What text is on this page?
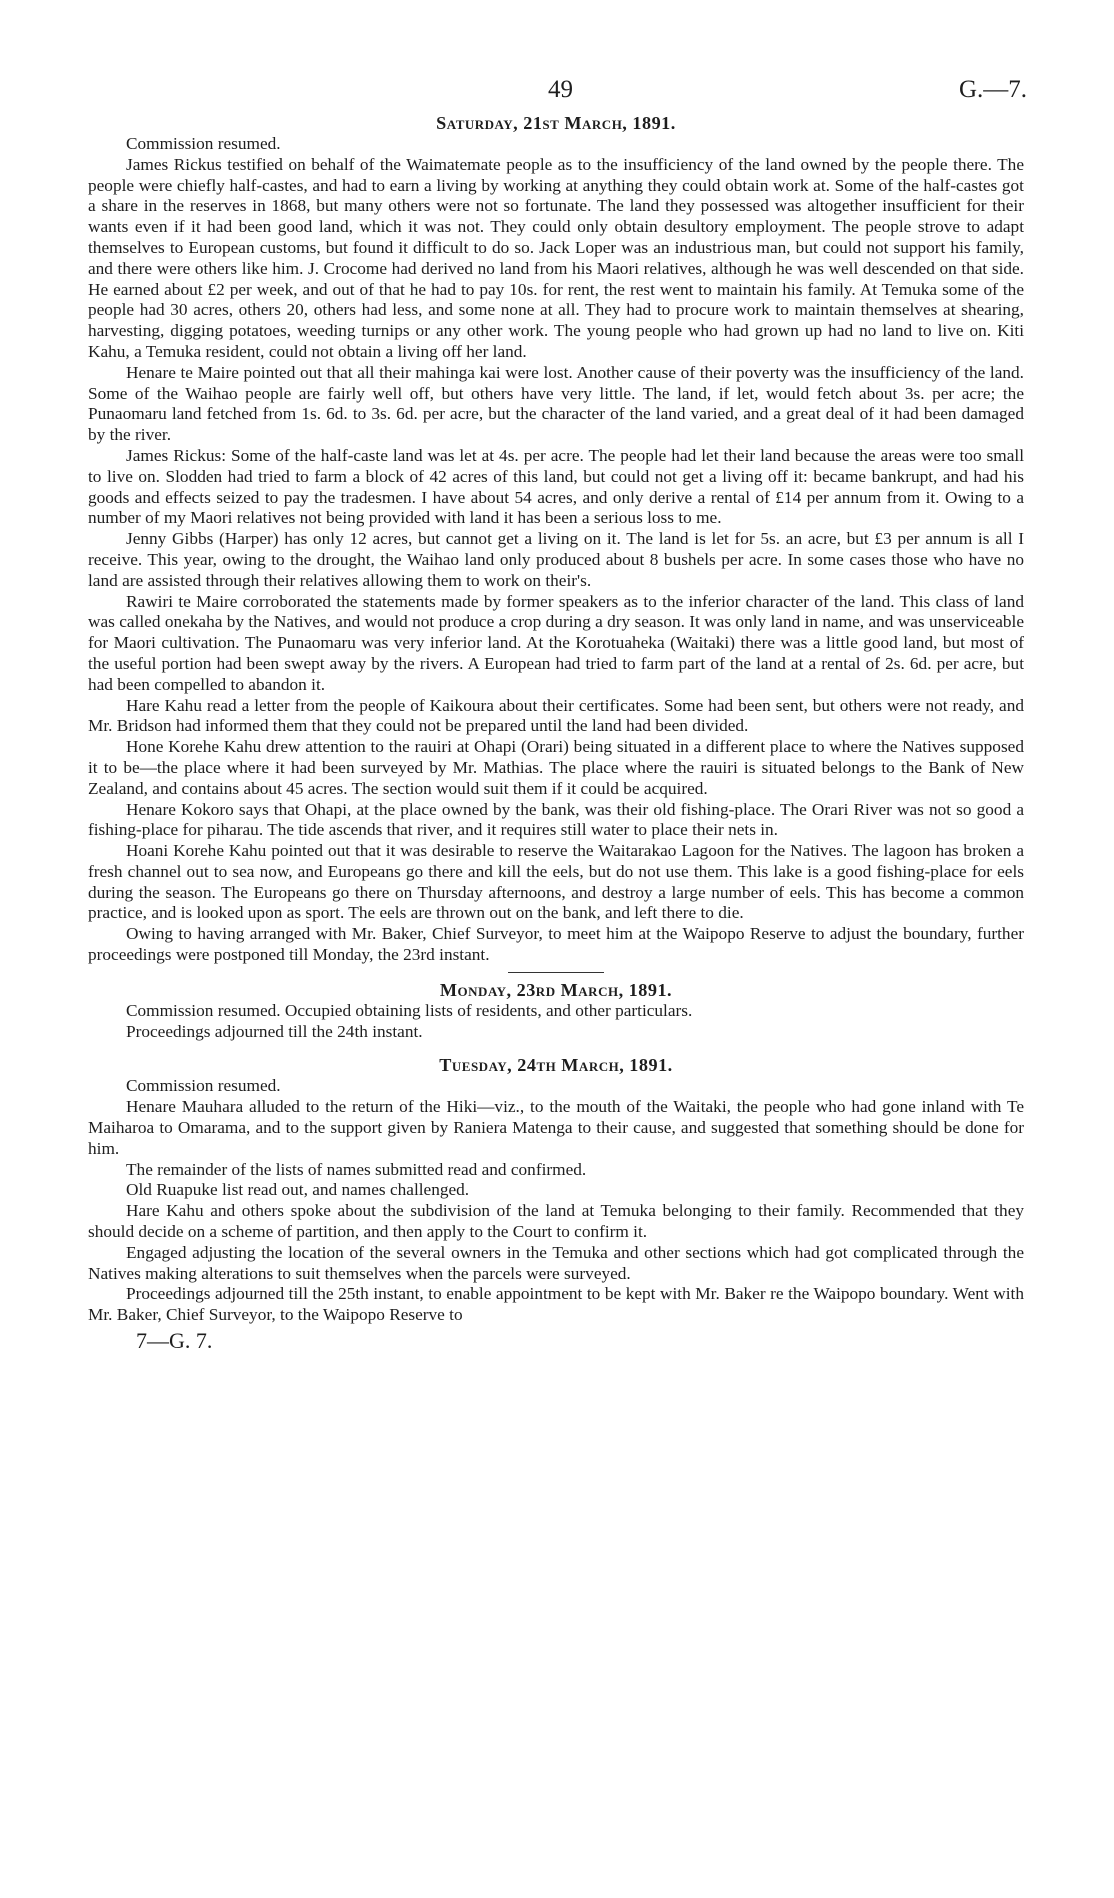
49	G.—7.
Saturday, 21st March, 1891.

Commission resumed.

James Rickus testified on behalf of the Waimatemate people as to the insufficiency of the land owned by the people there. The people were chiefly half-castes, and had to earn a living by working at anything they could obtain work at. Some of the half-castes got a share in the reserves in 1868, but many others were not so fortunate. The land they possessed was altogether insufficient for their wants even if it had been good land, which it was not. They could only obtain desultory employment. The people strove to adapt themselves to European customs, but found it difficult to do so. Jack Loper was an industrious man, but could not support his family, and there were others like him. J. Crocome had derived no land from his Maori relatives, although he was well descended on that side. He earned about £2 per week, and out of that he had to pay 10s. for rent, the rest went to maintain his family. At Temuka some of the people had 30 acres, others 20, others had less, and some none at all. They had to procure work to maintain themselves at shearing, harvesting, digging potatoes, weeding turnips or any other work. The young people who had grown up had no land to live on. Kiti Kahu, a Temuka resident, could not obtain a living off her land.

Henare te Maire pointed out that all their mahinga kai were lost. Another cause of their poverty was the insufficiency of the land. Some of the Waihao people are fairly well off, but others have very little. The land, if let, would fetch about 3s. per acre; the Punaomaru land fetched from 1s. 6d. to 3s. 6d. per acre, but the character of the land varied, and a great deal of it had been damaged by the river.

James Rickus: Some of the half-caste land was let at 4s. per acre. The people had let their land because the areas were too small to live on. Slodden had tried to farm a block of 42 acres of this land, but could not get a living off it: became bankrupt, and had his goods and effects seized to pay the tradesmen. I have about 54 acres, and only derive a rental of £14 per annum from it. Owing to a number of my Maori relatives not being provided with land it has been a serious loss to me.

Jenny Gibbs (Harper) has only 12 acres, but cannot get a living on it. The land is let for 5s. an acre, but £3 per annum is all I receive. This year, owing to the drought, the Waihao land only produced about 8 bushels per acre. In some cases those who have no land are assisted through their relatives allowing them to work on their's.

Rawiri te Maire corroborated the statements made by former speakers as to the inferior character of the land. This class of land was called onekaha by the Natives, and would not produce a crop during a dry season. It was only land in name, and was unserviceable for Maori cultivation. The Punaomaru was very inferior land. At the Korotuaheka (Waitaki) there was a little good land, but most of the useful portion had been swept away by the rivers. A European had tried to farm part of the land at a rental of 2s. 6d. per acre, but had been compelled to abandon it.

Hare Kahu read a letter from the people of Kaikoura about their certificates. Some had been sent, but others were not ready, and Mr. Bridson had informed them that they could not be prepared until the land had been divided.

Hone Korehe Kahu drew attention to the rauiri at Ohapi (Orari) being situated in a different place to where the Natives supposed it to be—the place where it had been surveyed by Mr. Mathias. The place where the rauiri is situated belongs to the Bank of New Zealand, and contains about 45 acres. The section would suit them if it could be acquired.

Henare Kokoro says that Ohapi, at the place owned by the bank, was their old fishing-place. The Orari River was not so good a fishing-place for piharau. The tide ascends that river, and it requires still water to place their nets in.

Hoani Korehe Kahu pointed out that it was desirable to reserve the Waitarakao Lagoon for the Natives. The lagoon has broken a fresh channel out to sea now, and Europeans go there and kill the eels, but do not use them. This lake is a good fishing-place for eels during the season. The Europeans go there on Thursday afternoons, and destroy a large number of eels. This has become a common practice, and is looked upon as sport. The eels are thrown out on the bank, and left there to die.

Owing to having arranged with Mr. Baker, Chief Surveyor, to meet him at the Waipopo Reserve to adjust the boundary, further proceedings were postponed till Monday, the 23rd instant.

Monday, 23rd March, 1891.

Commission resumed. Occupied obtaining lists of residents, and other particulars.

Proceedings adjourned till the 24th instant.

Tuesday, 24th March, 1891.

Commission resumed.

Henare Mauhara alluded to the return of the Hiki—viz., to the mouth of the Waitaki, the people who had gone inland with Te Maiharoa to Omarama, and to the support given by Raniera Matenga to their cause, and suggested that something should be done for him.

The remainder of the lists of names submitted read and confirmed.

Old Ruapuke list read out, and names challenged.

Hare Kahu and others spoke about the subdivision of the land at Temuka belonging to their family. Recommended that they should decide on a scheme of partition, and then apply to the Court to confirm it.

Engaged adjusting the location of the several owners in the Temuka and other sections which had got complicated through the Natives making alterations to suit themselves when the parcels were surveyed.

Proceedings adjourned till the 25th instant, to enable appointment to be kept with Mr. Baker re the Waipopo boundary. Went with Mr. Baker, Chief Surveyor, to the Waipopo Reserve to

7—G. 7.
